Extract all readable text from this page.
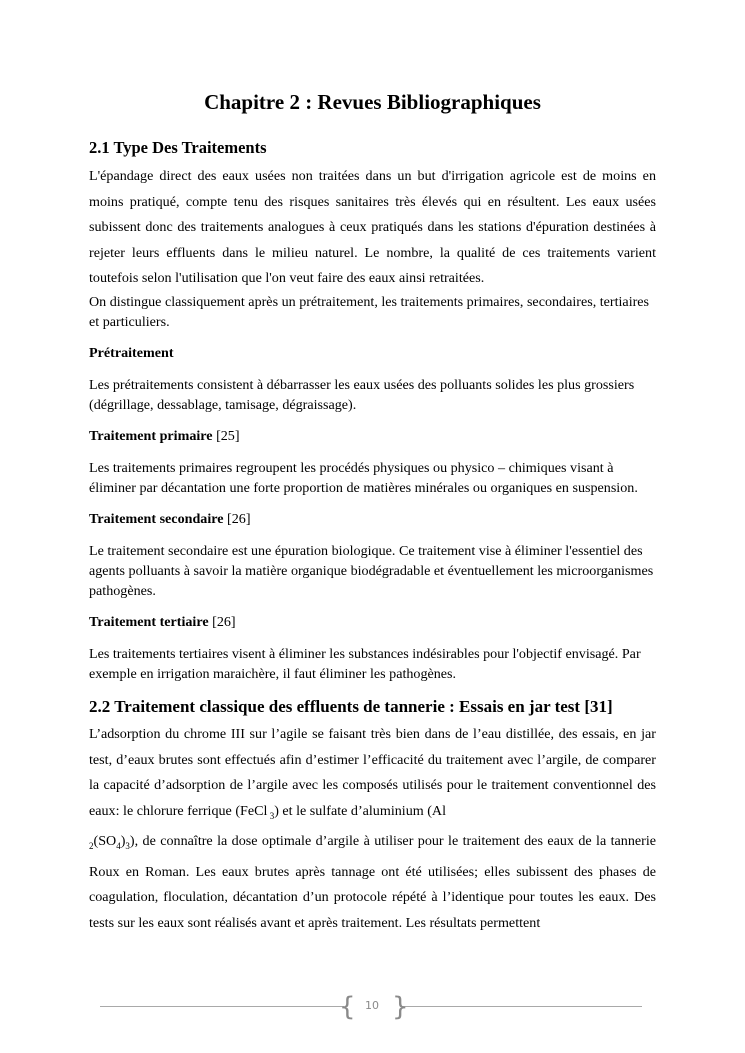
Chapitre 2 : Revues Bibliographiques
2.1 Type Des Traitements

L'épandage direct des eaux usées non traitées dans un but d'irrigation agricole est de moins en moins pratiqué, compte tenu des risques sanitaires très élevés qui en résultent. Les eaux usées subissent donc des traitements analogues à ceux pratiqués dans les stations d'épuration destinées à rejeter leurs effluents dans le milieu naturel. Le nombre, la qualité de ces traitements varient toutefois selon l'utilisation que l'on veut faire des eaux ainsi retraitées.

On distingue classiquement après un prétraitement, les traitements primaires, secondaires, tertiaires et particuliers.

Prétraitement

Les prétraitements consistent à débarrasser les eaux usées des polluants solides les plus grossiers (dégrillage, dessablage, tamisage, dégraissage).

Traitement primaire [25]

Les traitements primaires regroupent les procédés physiques ou physico – chimiques visant à éliminer par décantation une forte proportion de matières minérales ou organiques en suspension.

Traitement secondaire [26]

Le traitement secondaire est une épuration biologique. Ce traitement vise à éliminer l'essentiel des agents polluants à savoir la matière organique biodégradable et éventuellement les microorganismes pathogènes.

Traitement tertiaire [26]

Les traitements tertiaires visent à éliminer les substances indésirables pour l'objectif envisagé. Par exemple en irrigation maraichère, il faut éliminer les pathogènes.

2.2 Traitement classique des effluents de tannerie : Essais en jar test [31]

L’adsorption du chrome III sur l’agile se faisant très bien dans de l’eau distillée, des essais, en jar test, d’eaux brutes sont effectués afin d’estimer l’efficacité du traitement avec l’argile, de comparer la capacité d’adsorption de l’argile avec les composés utilisés pour le traitement conventionnel des eaux: le chlorure ferrique (FeCl $_3$) et le sulfate d’aluminium (Al
$_2(SO_4)_3$), de connaître la dose optimale d’argile à utiliser pour le traitement des eaux de la tannerie Roux en Roman. Les eaux brutes après tannage ont été utilisées; elles subissent des phases de coagulation, floculation, décantation d’un protocole répété à l’identique pour toutes les eaux. Des tests sur les eaux sont réalisés avant et après traitement. Les résultats permettent

{ 10 }
